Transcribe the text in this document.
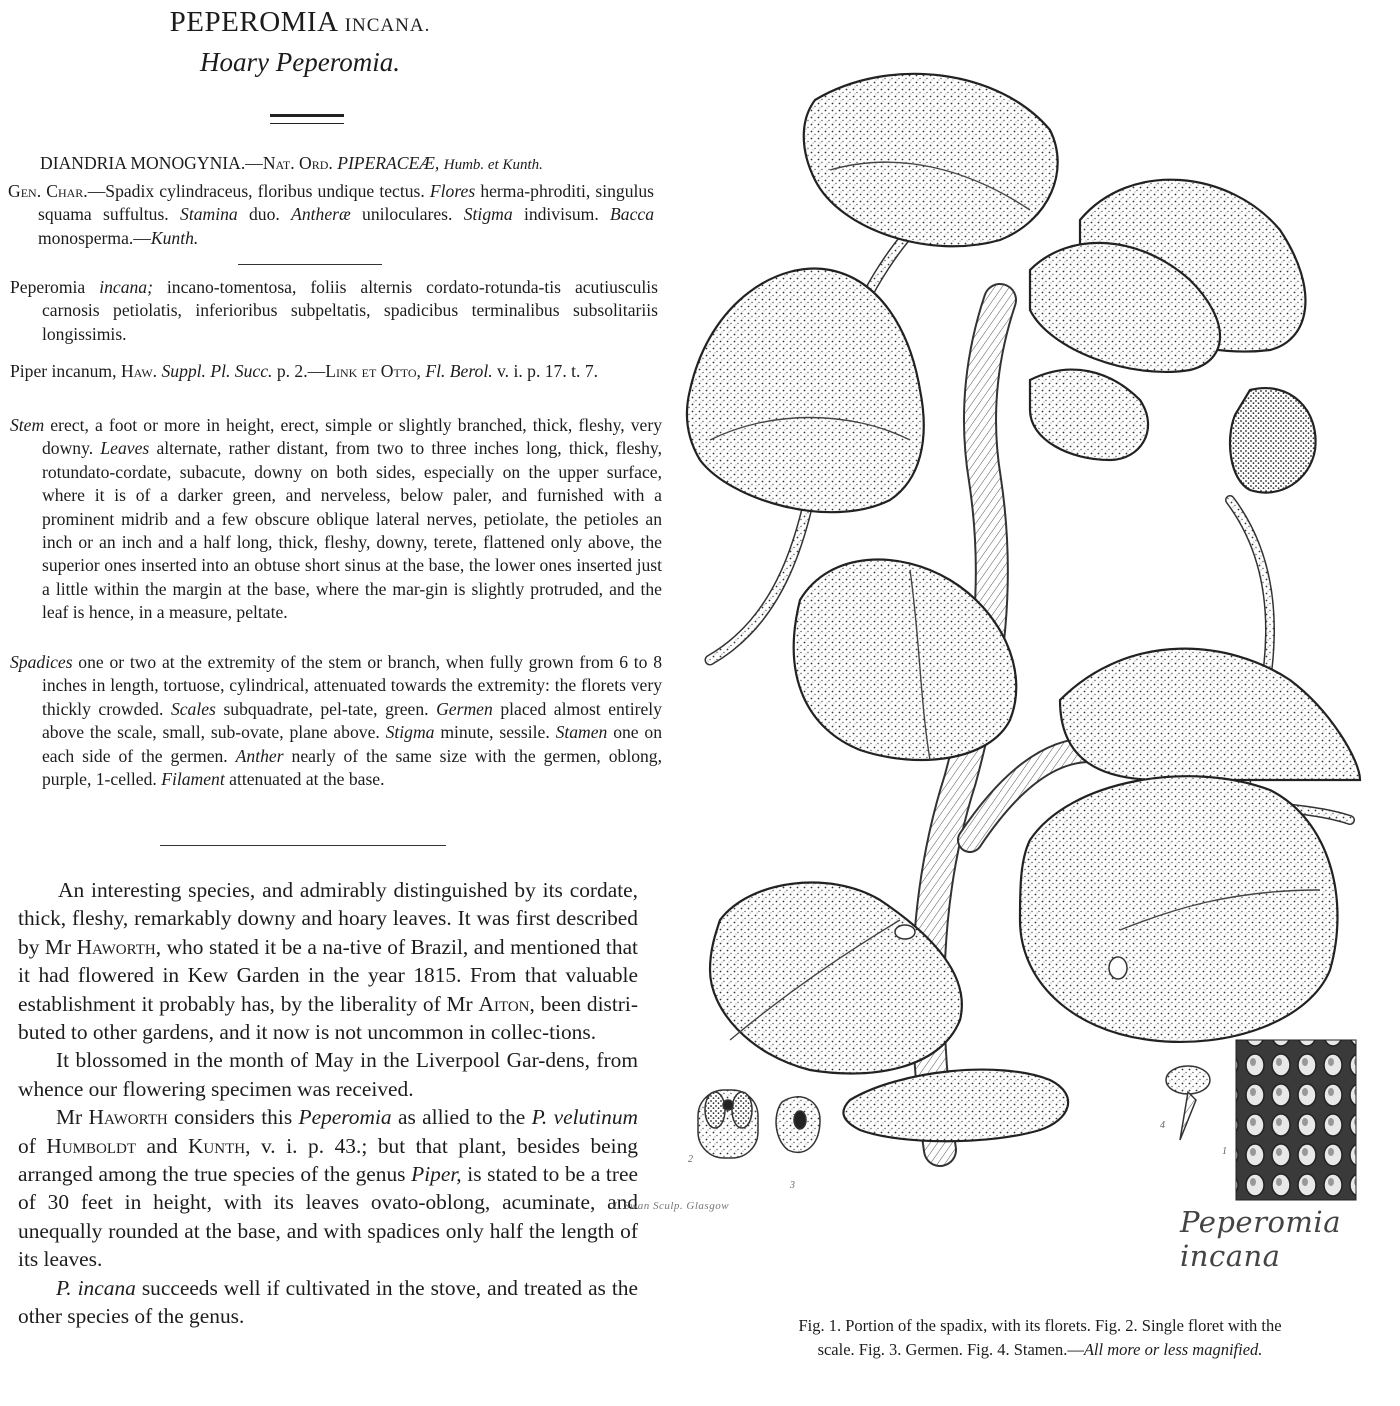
PEPEROMIA INCANA.
Hoary Peperomia.
DIANDRIA MONOGYNIA.—Nat. Ord. PIPERACEÆ, Humb. et Kunth.
Gen. Char.—Spadix cylindraceus, floribus undique tectus. Flores herma-phroditi, singulus squama suffultus. Stamina duo. Antheræ uniloculares. Stigma indivisum. Bacca monosperma.—Kunth.
Peperomia incana; incano-tomentosa, foliis alternis cordato-rotunda-tis acutiusculis carnosis petiolatis, inferioribus subpeltatis, spadicibus terminalibus subsolitariis longissimis.
Piper incanum, Haw. Suppl. Pl. Succ. p. 2.—Link et Otto, Fl. Berol. v. i. p. 17. t. 7.
Stem erect, a foot or more in height, erect, simple or slightly branched, thick, fleshy, very downy. Leaves alternate, rather distant, from two to three inches long, thick, fleshy, rotundato-cordate, subacute, downy on both sides, especially on the upper surface, where it is of a darker green, and nerveless, below paler, and furnished with a prominent midrib and a few obscure oblique lateral nerves, petiolate, the petioles an inch or an inch and a half long, thick, fleshy, downy, terete, flattened only above, the superior ones inserted into an obtuse short sinus at the base, the lower ones inserted just a little within the margin at the base, where the mar-gin is slightly protruded, and the leaf is hence, in a measure, peltate.
Spadices one or two at the extremity of the stem or branch, when fully grown from 6 to 8 inches in length, tortuose, cylindrical, attenuated towards the extremity: the florets very thickly crowded. Scales subquadrate, pel-tate, green. Germen placed almost entirely above the scale, small, sub-ovate, plane above. Stigma minute, sessile. Stamen one on each side of the germen. Anther nearly of the same size with the germen, oblong, purple, 1-celled. Filament attenuated at the base.

An interesting species, and admirably distinguished by its cordate, thick, fleshy, remarkably downy and hoary leaves. It was first described by Mr Haworth, who stated it be a na-tive of Brazil, and mentioned that it had flowered in Kew Garden in the year 1815. From that valuable establishment it probably has, by the liberality of Mr Aiton, been distri-buted to other gardens, and it now is not uncommon in collec-tions.

It blossomed in the month of May in the Liverpool Gar-dens, from whence our flowering specimen was received.

Mr Haworth considers this Peperomia as allied to the P. velutinum of Humboldt and Kunth, v. i. p. 43.; but that plant, besides being arranged among the true species of the genus Piper, is stated to be a tree of 30 feet in height, with its leaves ovato-oblong, acuminate, and unequally rounded at the base, and with spadices only half the length of its leaves.

P. incana succeeds well if cultivated in the stove, and treated as the other species of the genus.

2
3
4
1
J. Swan Sculp. Glasgow	Peperomia incana
Fig. 1. Portion of the spadix, with its florets. Fig. 2. Single floret with the
scale. Fig. 3. Germen. Fig. 4. Stamen.—All more or less magnified.
